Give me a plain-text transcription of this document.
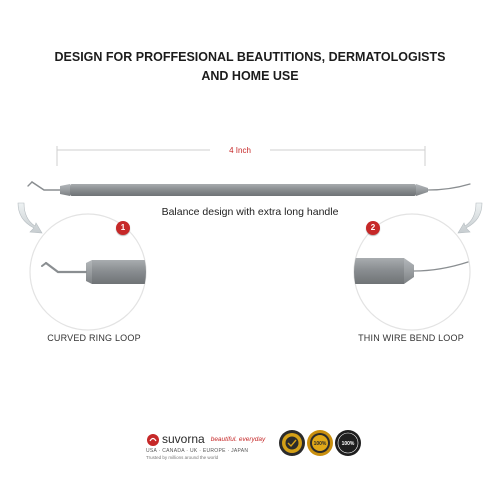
DESIGN FOR PROFFESIONAL BEAUTITIONS, DERMATOLOGISTS
AND HOME USE
100%	100%
4 Inch
Balance design with extra long handle
1	2
CURVED RING LOOP	THIN WIRE BEND LOOP
suvorna beautiful. everyday
USA · CANADA · UK · EUROPE · JAPAN
Trusted by millions around the world
